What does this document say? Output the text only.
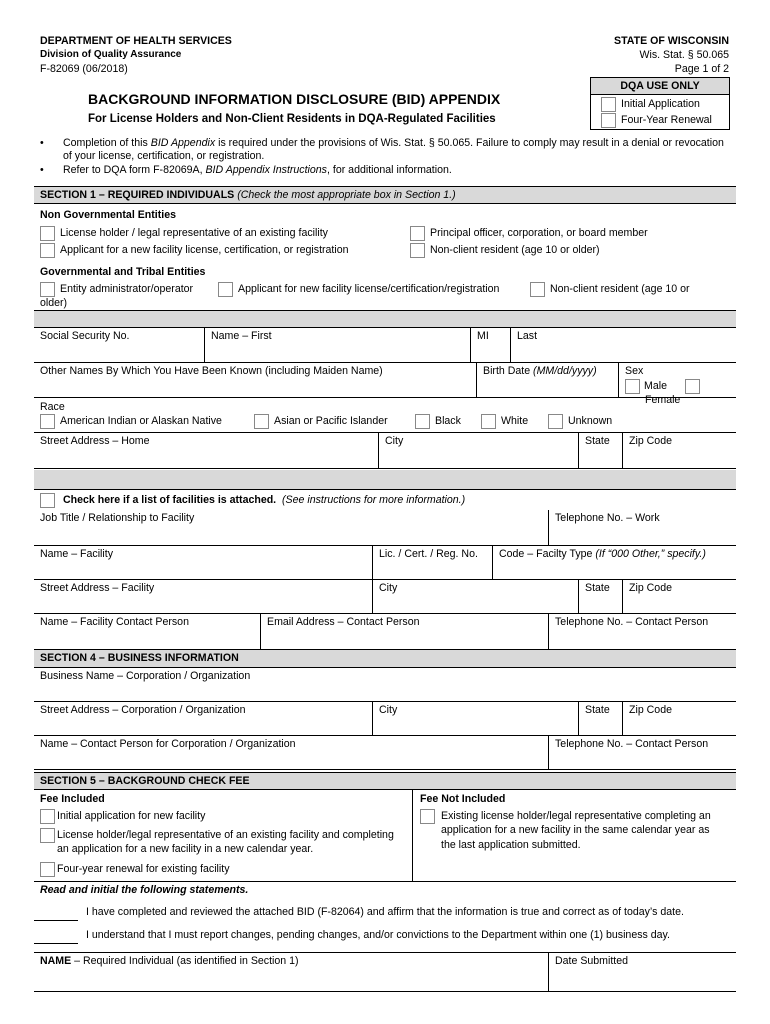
DEPARTMENT OF HEALTH SERVICES
Division of Quality Assurance
F-82069 (06/2018)
STATE OF WISCONSIN
Wis. Stat. § 50.065
Page 1 of 2
DQA USE ONLY
Initial Application
Four-Year Renewal
BACKGROUND INFORMATION DISCLOSURE (BID) APPENDIX
For License Holders and Non-Client Residents in DQA-Regulated Facilities
•	Completion of this BID Appendix is required under the provisions of Wis. Stat. § 50.065. Failure to comply may result in a denial or revocation of your license, certification, or registration.
•	Refer to DQA form F-82069A, BID Appendix Instructions, for additional information.
SECTION 1 – REQUIRED INDIVIDUALS (Check the most appropriate box in Section 1.)
Non Governmental Entities
License holder / legal representative of an existing facility
Applicant for a new facility license, certification, or registration
Principal officer, corporation, or board member
Non-client resident (age 10 or older)
Governmental and Tribal Entities
Entity administrator/operator	Applicant for new facility license/certification/registration	Non-client resident (age 10 or
older)
Social Security No.	Name – First	MI	Last
Other Names By Which You Have Been Known (including Maiden Name)	Birth Date (MM/dd/yyyy)	Sex
Male
Female
Race
American Indian or Alaskan Native	Asian or Pacific Islander	Black	White	Unknown
Street Address – Home	City	State	Zip Code
Check here if a list of facilities is attached. (See instructions for more information.)
Job Title / Relationship to Facility	Telephone No. – Work
Name – Facility	Lic. / Cert. / Reg. No.	Code – Facilty Type (If “000 Other,” specify.)
Street Address – Facility	City	State	Zip Code
Name – Facility Contact Person	Email Address – Contact Person	Telephone No. – Contact Person
SECTION 4 – BUSINESS INFORMATION
Business Name – Corporation / Organization
Street Address – Corporation / Organization	City	State	Zip Code
Name – Contact Person for Corporation / Organization	Telephone No. – Contact Person
SECTION 5 – BACKGROUND CHECK FEE
Fee Included
Initial application for new facility
License holder/legal representative of an existing facility and completing an application for a new facility in a new calendar year.
Four-year renewal for existing facility
Fee Not Included
Existing license holder/legal representative completing an application for a new facility in the same calendar year as the last application submitted.
Read and initial the following statements.
I have completed and reviewed the attached BID (F-82064) and affirm that the information is true and correct as of today’s date.
I understand that I must report changes, pending changes, and/or convictions to the Department within one (1) business day.
NAME – Required Individual (as identified in Section 1)	Date Submitted
